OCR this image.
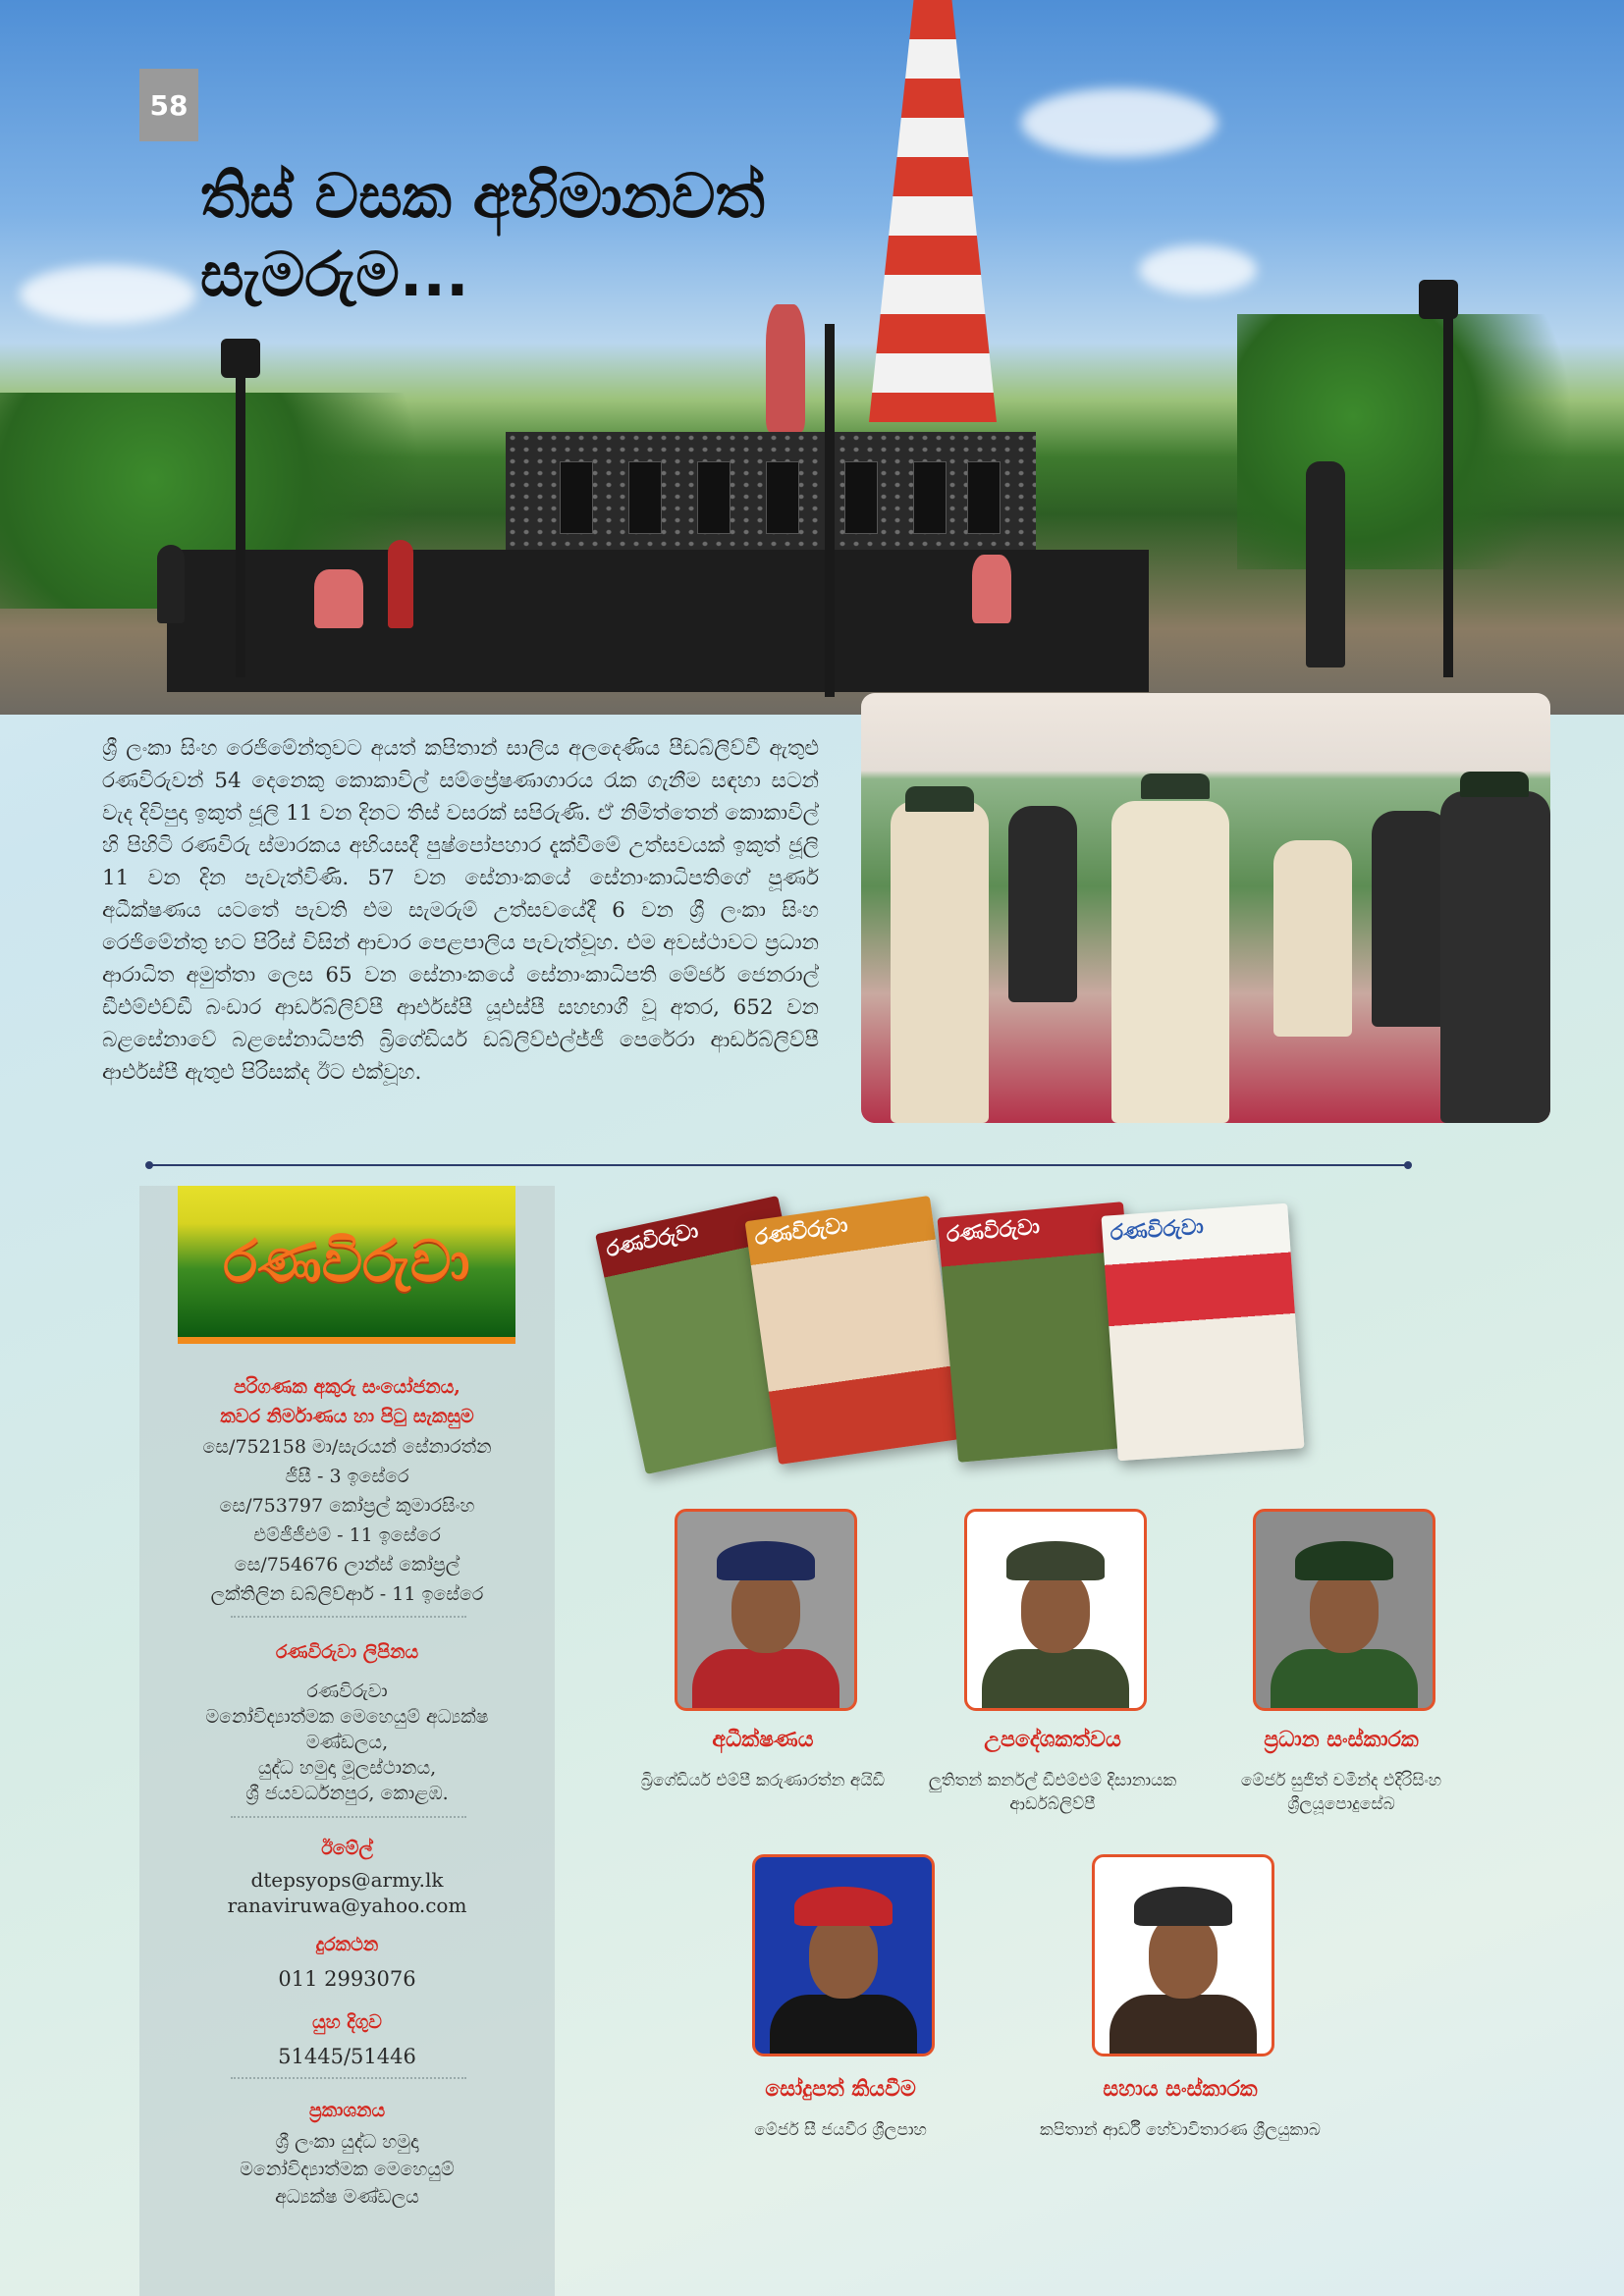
58
තිස් වසක අභිමානවත්
සැමරුම...

ශ්‍රී ලංකා සිංහ රෙජිමේන්තුවට අයත් කපිතාන් සාලිය අලදෙණිය පීඩබ්ලිව්වී ඇතුළු රණවිරුවන් 54 දෙනෙකු කොකාවිල් සම්ප්‍රේෂණාගාරය රැක ගැනීම සඳහා සටන් වැද දිවිපුදා ඉකුත් ජූලි 11 වන දිනට තිස් වසරක් සපිරුණි. ඒ නිමිත්තෙන් කොකාවිල් හි පිහිටි රණවිරු ස්මාරකය අභියසදී පුෂ්පෝපහාර දැක්වීමේ උත්සවයක් ඉකුත් ජූලි 11 වන දින පැවැත්විණි. 57 වන සේනාංකයේ සේනාංකාධිපතිගේ පූර්ණ අධීක්ෂණය යටතේ පැවති එම සැමරුම් උත්සවයේදී 6 වන ශ්‍රී ලංකා සිංහ රෙජිමේන්තු භට පිරිස් විසින් ආචාර පෙළපාලිය පැවැත්වූහ. එම අවස්ථාවට ප්‍රධාන ආරාධිත අමුත්තා ලෙස 65 වන සේනාංකයේ සේනාංකාධිපති මේජර් ජෙනරාල් ඩීඑම්එච්ඩී බංඩාර ආර්ඩබ්ලිව්පී ආර්එස්පී යූඑස්පී සහභාගී වූ අතර, 652 වන බළසේනාවේ බළසේනාධිපති බ්‍රිගේඩියර් ඩබ්ලිව්එල්ජ්ජී පෙරේරා ආර්ඩබ්ලිව්පී ආර්එස්පී ඇතුළු පිරිසක්ද ඊට එක්වූහ.

රණවිරුවා

පරිගණක අකුරු සංයෝජනය,

කවර නිර්මාණය හා පිටු සැකසුම

සෙ/752158 මා/සැරයන් සේනාරත්න

ජීසී - 3 ඉසේරෙ

සෙ/753797 කෝප්‍රල් කුමාරසිංහ

එම්ජීජීඑම් - 11 ඉසේරෙ

සෙ/754676 ලාන්ස් කෝප්‍රල්

ලක්තිලින ඩබ්ලිව්ආර් - 11 ඉසේරෙ

රණවිරුවා ලිපිනය

රණවිරුවා

මනෝවිද්‍යාත්මක මෙහෙයුම් අධ්‍යක්ෂ

මණ්ඩලය,

යුද්ධ හමුදා මූලස්ථානය,

ශ්‍රී ජයවර්ධනපුර, කොළඹ.

ඊමේල්

dtepsyops@army.lk

ranaviruwa@yahoo.com

දුරකථන

011 2993076

යුහ දිගුව

51445/51446

ප්‍රකාශනය

ශ්‍රී ලංකා යුද්ධ හමුදා

මනෝවිද්‍යාත්මක මෙහෙයුම්

අධ්‍යක්ෂ මණ්ඩලය

රණවිරුවා	රණවිරුවා	රණවිරුවා	රණවිරුවා

අධීක්ෂණය

බ්‍රිගේඩියර් එම්පී කරුණාරත්න අයිඩී

උපදේශකත්වය

ලුතිතන් කර්නල් ඩීඑම්එම් දිසානායක ආර්ඩබ්ලිව්පී

ප්‍රධාන සංස්කාරක

මේජර් සුජිත් චමින්ද එදිරිසිංහ ශ්‍රීලයූපොදුසේබ

සෝදුපත් කියවීම

මේජර් සී ජයවීර ශ්‍රීලපාහ

සහාය සංස්කාරක

කපිතාන් ආර්ඩී හේවාවිතාරණ ශ්‍රීලයුකාබ
